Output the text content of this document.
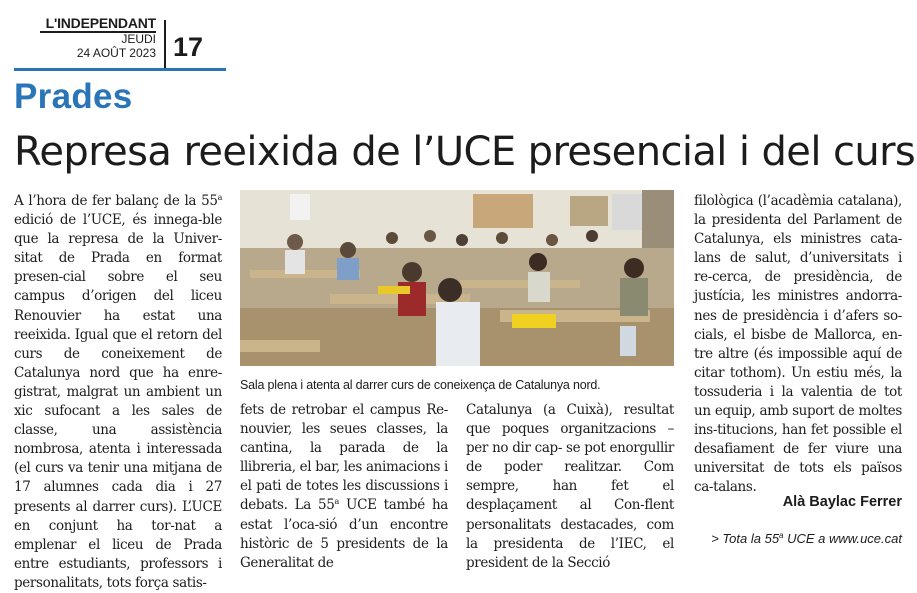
L'INDEPENDANT
JEUDI
24 AOÛT 2023 17
Prades
Represa reeixida de l’UCE presencial i del curs

A l’hora de fer balanç de la 55$^a$ edició de l’UCE, és innega-ble que la represa de la Univer-sitat de Prada en format presen-cial sobre el seu campus d’origen del liceu Renouvier ha estat una reeixida. Igual que el retorn del curs de coneixement de Catalunya nord que ha enre-gistrat, malgrat un ambient un xic sufocant a les sales de classe, una assistència nombrosa, atenta i interessada (el curs va tenir una mitjana de 17 alumnes cada dia i 27 presents al darrer curs). L’UCE en conjunt ha tor-nat a emplenar el liceu de Prada entre estudiants, professors i personalitats, tots força satis-

Sala plena i atenta al darrer curs de coneixença de Catalunya nord.

fets de retrobar el campus Re-nouvier, les seues classes, la cantina, la parada de la llibreria, el bar, les animacions i el pati de totes les discussions i debats. La 55$^a$ UCE també ha estat l’oca-sió d’un encontre històric de 5 presidents de la Generalitat de

Catalunya (a Cuixà), resultat que poques organitzacions – per no dir cap- se pot enorgullir de poder realitzar. Com sempre, han fet el desplaçament al Con-flent personalitats destacades, com la presidenta de l’IEC, el president de la Secció

filològica (l’acadèmia catalana), la presidenta del Parlament de Catalunya, els ministres cata-lans de salut, d’universitats i re-cerca, de presidència, de justícia, les ministres andorra-nes de presidència i d’afers so-cials, el bisbe de Mallorca, en-tre altre (és impossible aquí de citar tothom). Un estiu més, la tossuderia i la valentia de tot un equip, amb suport de moltes ins-titucions, han fet possible el desafiament de fer viure una universitat de tots els països ca-talans.

Alà Baylac Ferrer
> Tota la 55$^a$ UCE a www.uce.cat
